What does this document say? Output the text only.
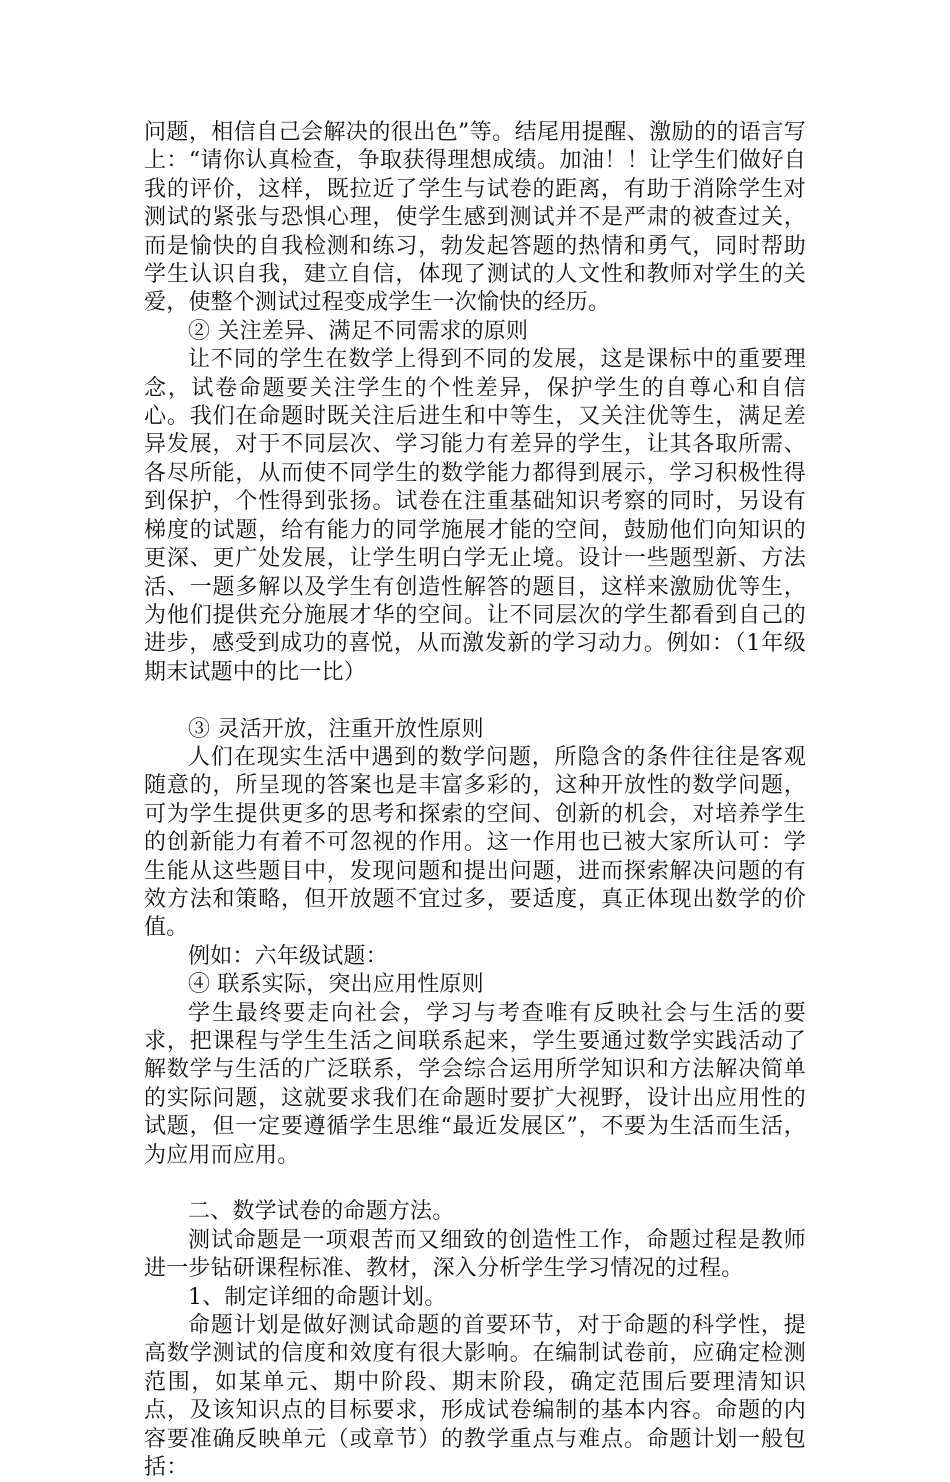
问题，相信自己会解决的很出色”等。结尾用提醒、激励的的语言写上：“请你认真检查，争取获得理想成绩。加油！！让学生们做好自我的评价，这样，既拉近了学生与试卷的距离，有助于消除学生对测试的紧张与恐惧心理，使学生感到测试并不是严肃的被查过关，而是愉快的自我检测和练习，勃发起答题的热情和勇气，同时帮助学生认识自我，建立自信，体现了测试的人文性和教师对学生的关爱，使整个测试过程变成学生一次愉快的经历。

② 关注差异、满足不同需求的原则

让不同的学生在数学上得到不同的发展，这是课标中的重要理念，试卷命题要关注学生的个性差异，保护学生的自尊心和自信心。我们在命题时既关注后进生和中等生，又关注优等生，满足差异发展，对于不同层次、学习能力有差异的学生，让其各取所需、各尽所能，从而使不同学生的数学能力都得到展示，学习积极性得到保护，个性得到张扬。试卷在注重基础知识考察的同时，另设有梯度的试题，给有能力的同学施展才能的空间，鼓励他们向知识的更深、更广处发展，让学生明白学无止境。设计一些题型新、方法活、一题多解以及学生有创造性解答的题目，这样来激励优等生，为他们提供充分施展才华的空间。让不同层次的学生都看到自己的进步，感受到成功的喜悦，从而激发新的学习动力。例如：（1年级期末试题中的比一比）

③ 灵活开放，注重开放性原则

人们在现实生活中遇到的数学问题，所隐含的条件往往是客观随意的，所呈现的答案也是丰富多彩的，这种开放性的数学问题，可为学生提供更多的思考和探索的空间、创新的机会，对培养学生的创新能力有着不可忽视的作用。这一作用也已被大家所认可：学生能从这些题目中，发现问题和提出问题，进而探索解决问题的有效方法和策略，但开放题不宜过多，要适度，真正体现出数学的价值。

例如：六年级试题：

④ 联系实际，突出应用性原则

学生最终要走向社会，学习与考查唯有反映社会与生活的要求，把课程与学生生活之间联系起来，学生要通过数学实践活动了解数学与生活的广泛联系，学会综合运用所学知识和方法解决简单的实际问题，这就要求我们在命题时要扩大视野，设计出应用性的试题，但一定要遵循学生思维“最近发展区”，不要为生活而生活，为应用而应用。

二、数学试卷的命题方法。

测试命题是一项艰苦而又细致的创造性工作，命题过程是教师进一步钻研课程标准、教材，深入分析学生学习情况的过程。

1、制定详细的命题计划。

命题计划是做好测试命题的首要环节，对于命题的科学性，提高数学测试的信度和效度有很大影响。在编制试卷前，应确定检测范围，如某单元、期中阶段、期末阶段，确定范围后要理清知识点，及该知识点的目标要求，形成试卷编制的基本内容。命题的内容要准确反映单元（或章节）的教学重点与难点。命题计划一般包括：
